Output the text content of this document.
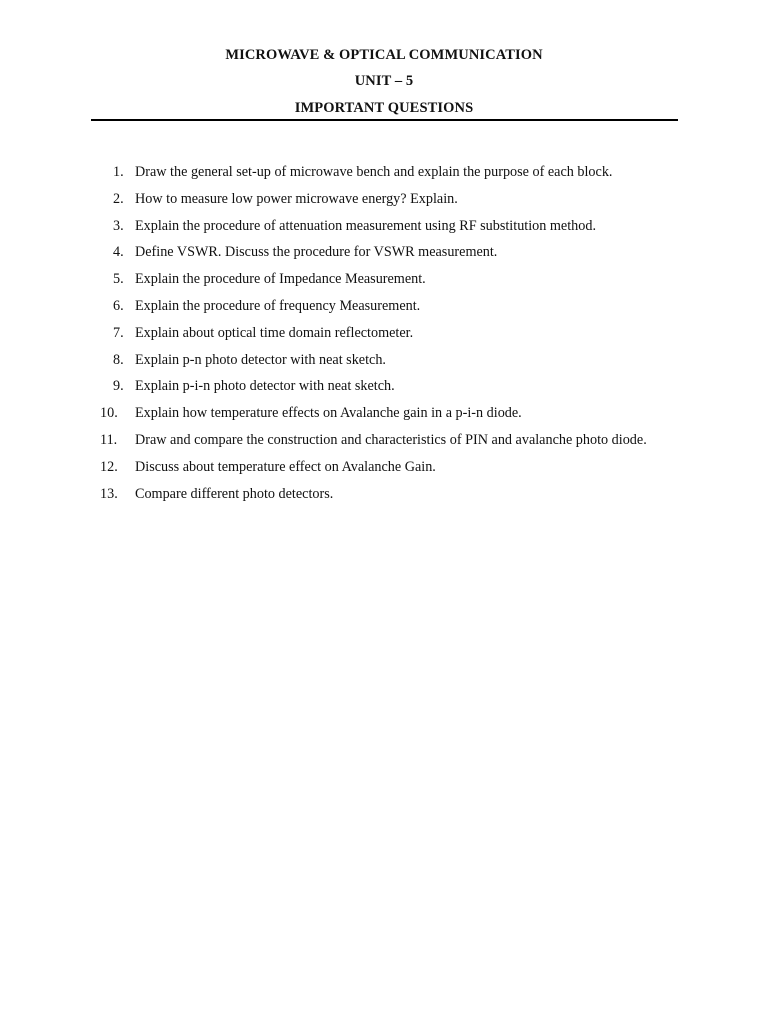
MICROWAVE & OPTICAL COMMUNICATION
UNIT – 5
IMPORTANT QUESTIONS
1. Draw the general set-up of microwave bench and explain the purpose of each block.
2. How to measure low power microwave energy? Explain.
3. Explain the procedure of attenuation measurement using RF substitution method.
4. Define VSWR. Discuss the procedure for VSWR measurement.
5. Explain the procedure of Impedance Measurement.
6. Explain the procedure of frequency Measurement.
7. Explain about optical time domain reflectometer.
8. Explain p-n photo detector with neat sketch.
9. Explain p-i-n photo detector with neat sketch.
10.	Explain how temperature effects on Avalanche gain in a p-i-n diode.
11.	Draw and compare the construction and characteristics of PIN and avalanche photo diode.
12.	Discuss about temperature effect on Avalanche Gain.
13.	Compare different photo detectors.
